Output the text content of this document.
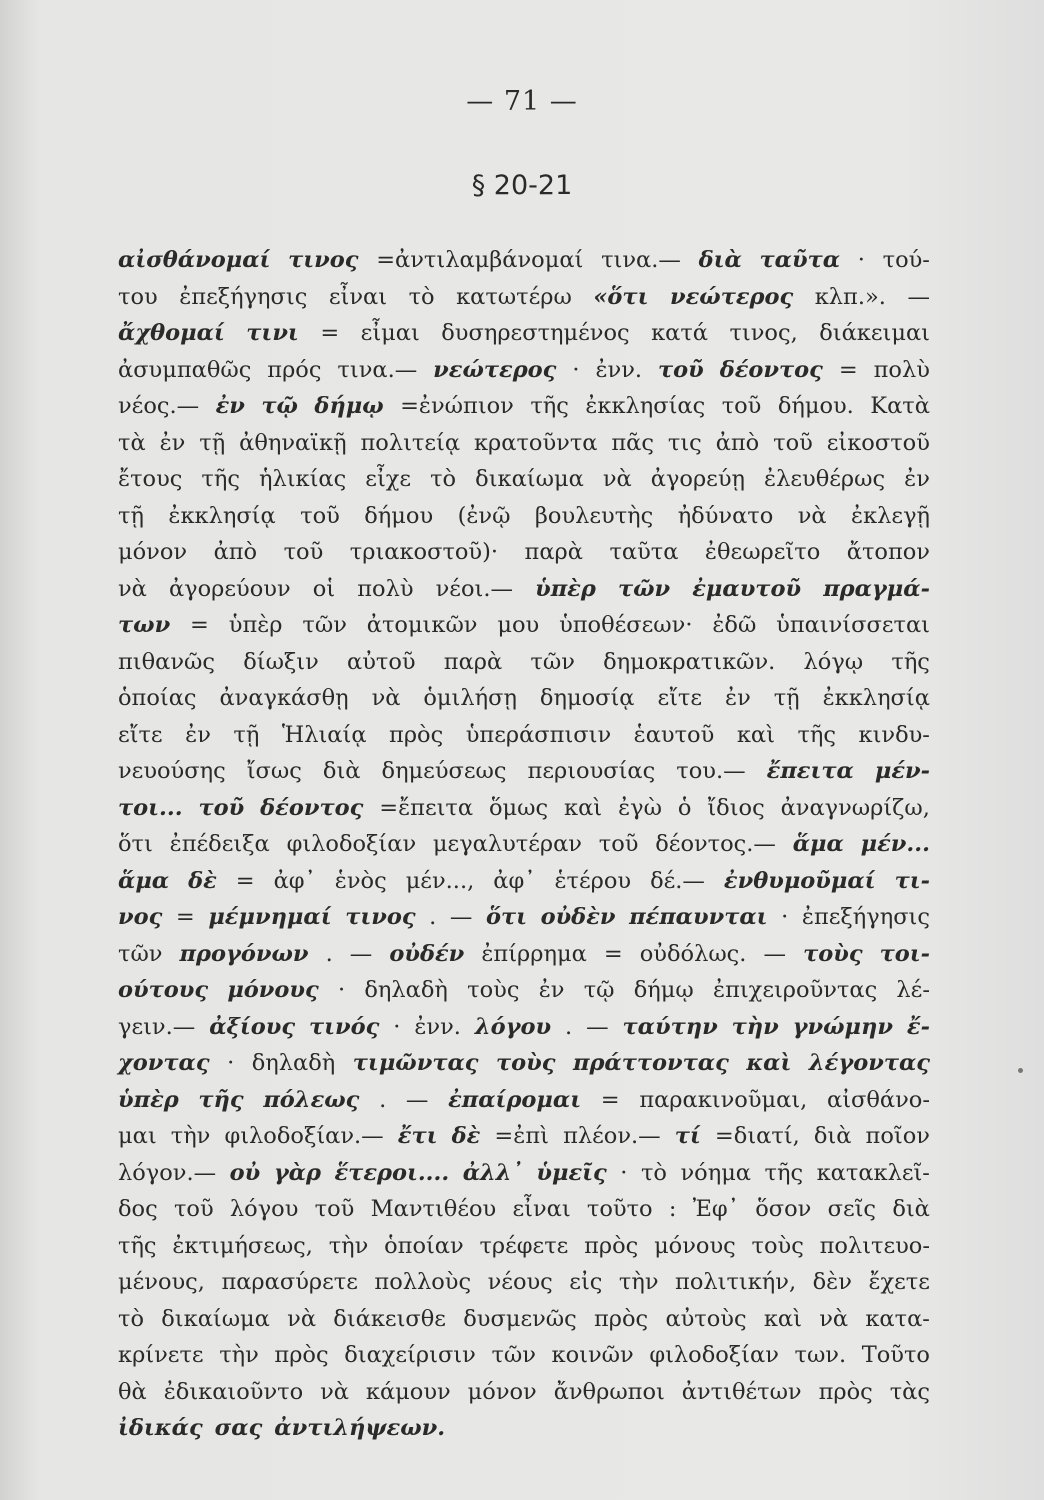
— 71 —
§ 20-21
αἰσθάνομαί τινος =ἀντιλαμβάνομαί τινα.— διὰ ταῦτα · τού-
του ἐπεξήγησις εἶναι τὸ κατωτέρω «ὅτι νεώτερος κλπ.». —
ἄχθομαί τινι = εἶμαι δυσηρεστημένος κατά τινος, διάκειμαι
ἀσυμπαθῶς πρός τινα.— νεώτερος · ἐνν. τοῦ δέοντος = πολὺ
νέος.— ἐν τῷ δήμῳ =ἐνώπιον τῆς ἐκκλησίας τοῦ δήμου. Κατὰ
τὰ ἐν τῇ ἀθηναϊκῇ πολιτείᾳ κρατοῦντα πᾶς τις ἀπὸ τοῦ εἰκοστοῦ
ἔτους τῆς ἡλικίας εἶχε τὸ δικαίωμα νὰ ἀγορεύῃ ἐλευθέρως ἐν
τῇ ἐκκλησίᾳ τοῦ δήμου (ἐνῷ βουλευτὴς ἠδύνατο νὰ ἐκλεγῇ
μόνον ἀπὸ τοῦ τριακοστοῦ)· παρὰ ταῦτα ἐθεωρεῖτο ἄτοπον
νὰ ἀγορεύουν οἱ πολὺ νέοι.— ὑπὲρ τῶν ἐμαυτοῦ πραγμά-
των = ὑπὲρ τῶν ἀτομικῶν μου ὑποθέσεων· ἐδῶ ὑπαινίσσεται
πιθανῶς δίωξιν αὐτοῦ παρὰ τῶν δημοκρατικῶν. λόγῳ τῆς
ὁποίας ἀναγκάσθῃ νὰ ὁμιλήσῃ δημοσίᾳ εἴτε ἐν τῇ ἐκκλησίᾳ
εἴτε ἐν τῇ Ἡλιαίᾳ πρὸς ὑπεράσπισιν ἑαυτοῦ καὶ τῆς κινδυ-
νευούσης ἴσως διὰ δημεύσεως περιουσίας του.— ἔπειτα μέν-
τοι... τοῦ δέοντος =ἔπειτα ὅμως καὶ ἐγὼ ὁ ἴδιος ἀναγνωρίζω,
ὅτι ἐπέδειξα φιλοδοξίαν μεγαλυτέραν τοῦ δέοντος.— ἅμα μέν...
ἅμα δὲ = ἀφ᾽ ἑνὸς μέν..., ἀφ᾽ ἑτέρου δέ.— ἐνθυμοῦμαί τι-
νος = μέμνημαί τινος . — ὅτι οὐδὲν πέπαυνται · ἐπεξήγησις
τῶν προγόνων . — οὐδέν ἐπίρρημα = οὐδόλως. — τοὺς τοι-
ούτους μόνους · δηλαδὴ τοὺς ἐν τῷ δήμῳ ἐπιχειροῦντας λέ-
γειν.— ἀξίους τινός · ἐνν. λόγου . — ταύτην τὴν γνώμην ἔ-
χοντας · δηλαδὴ τιμῶντας τοὺς πράττοντας καὶ λέγοντας
ὑπὲρ τῆς πόλεως . — ἐπαίρομαι = παρακινοῦμαι, αἰσθάνο-
μαι τὴν φιλοδοξίαν.— ἔτι δὲ =ἐπὶ πλέον.— τί =διατί, διὰ ποῖον
λόγον.— οὐ γὰρ ἕτεροι.... ἀλλ᾽ ὑμεῖς · τὸ νόημα τῆς κατακλεῖ-
δος τοῦ λόγου τοῦ Μαντιθέου εἶναι τοῦτο : Ἐφ᾽ ὅσον σεῖς διὰ
τῆς ἐκτιμήσεως, τὴν ὁποίαν τρέφετε πρὸς μόνους τοὺς πολιτευο-
μένους, παρασύρετε πολλοὺς νέους εἰς τὴν πολιτικήν, δὲν ἔχετε
τὸ δικαίωμα νὰ διάκεισθε δυσμενῶς πρὸς αὐτοὺς καὶ νὰ κατα-
κρίνετε τὴν πρὸς διαχείρισιν τῶν κοινῶν φιλοδοξίαν των. Τοῦτο
θὰ ἐδικαιοῦντο νὰ κάμουν μόνον ἄνθρωποι ἀντιθέτων πρὸς τὰς
ἰδικάς σας ἀντιλήψεων.
